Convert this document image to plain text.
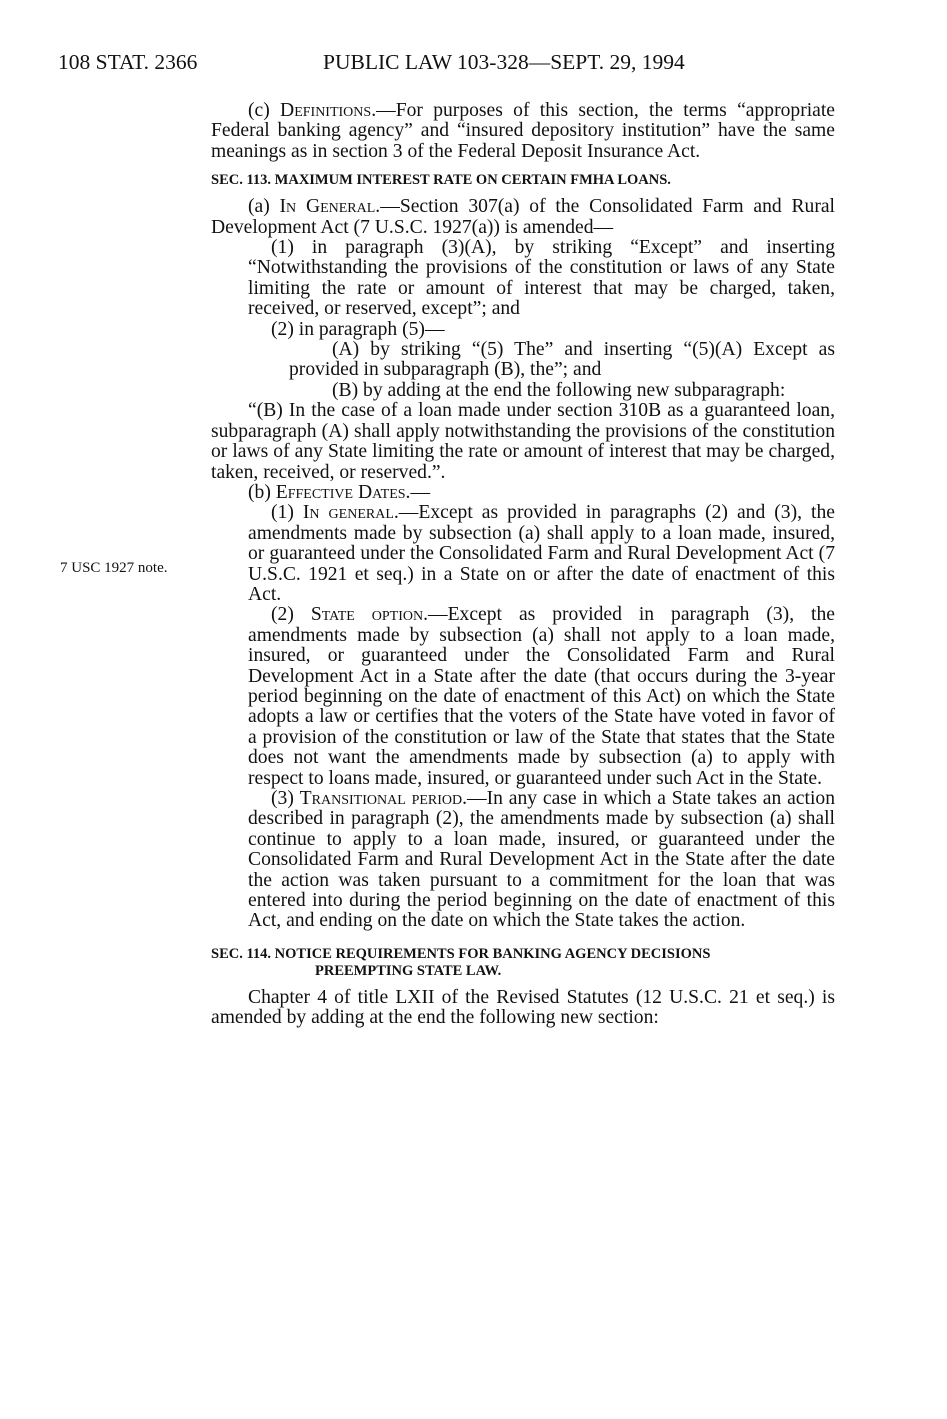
108 STAT. 2366	PUBLIC LAW 103-328—SEPT. 29, 1994
7 USC 1927 note.

(c) Definitions.—For purposes of this section, the terms “appropriate Federal banking agency” and “insured depository institution” have the same meanings as in section 3 of the Federal Deposit Insurance Act.

SEC. 113. MAXIMUM INTEREST RATE ON CERTAIN FMHA LOANS.

(a) In General.—Section 307(a) of the Consolidated Farm and Rural Development Act (7 U.S.C. 1927(a)) is amended—

(1) in paragraph (3)(A), by striking “Except” and inserting “Notwithstanding the provisions of the constitution or laws of any State limiting the rate or amount of interest that may be charged, taken, received, or reserved, except”; and

(2) in paragraph (5)—

(A) by striking “(5) The” and inserting “(5)(A) Except as provided in subparagraph (B), the”; and

(B) by adding at the end the following new subparagraph:

“(B) In the case of a loan made under section 310B as a guaranteed loan, subparagraph (A) shall apply notwithstanding the provisions of the constitution or laws of any State limiting the rate or amount of interest that may be charged, taken, received, or reserved.”.

(b) Effective Dates.—

(1) In general.—Except as provided in paragraphs (2) and (3), the amendments made by subsection (a) shall apply to a loan made, insured, or guaranteed under the Consolidated Farm and Rural Development Act (7 U.S.C. 1921 et seq.) in a State on or after the date of enactment of this Act.

(2) State option.—Except as provided in paragraph (3), the amendments made by subsection (a) shall not apply to a loan made, insured, or guaranteed under the Consolidated Farm and Rural Development Act in a State after the date (that occurs during the 3-year period beginning on the date of enactment of this Act) on which the State adopts a law or certifies that the voters of the State have voted in favor of a provision of the constitution or law of the State that states that the State does not want the amendments made by subsection (a) to apply with respect to loans made, insured, or guaranteed under such Act in the State.

(3) Transitional period.—In any case in which a State takes an action described in paragraph (2), the amendments made by subsection (a) shall continue to apply to a loan made, insured, or guaranteed under the Consolidated Farm and Rural Development Act in the State after the date the action was taken pursuant to a commitment for the loan that was entered into during the period beginning on the date of enactment of this Act, and ending on the date on which the State takes the action.

SEC. 114. NOTICE REQUIREMENTS FOR BANKING AGENCY DECISIONS
PREEMPTING STATE LAW.

Chapter 4 of title LXII of the Revised Statutes (12 U.S.C. 21 et seq.) is amended by adding at the end the following new section:
